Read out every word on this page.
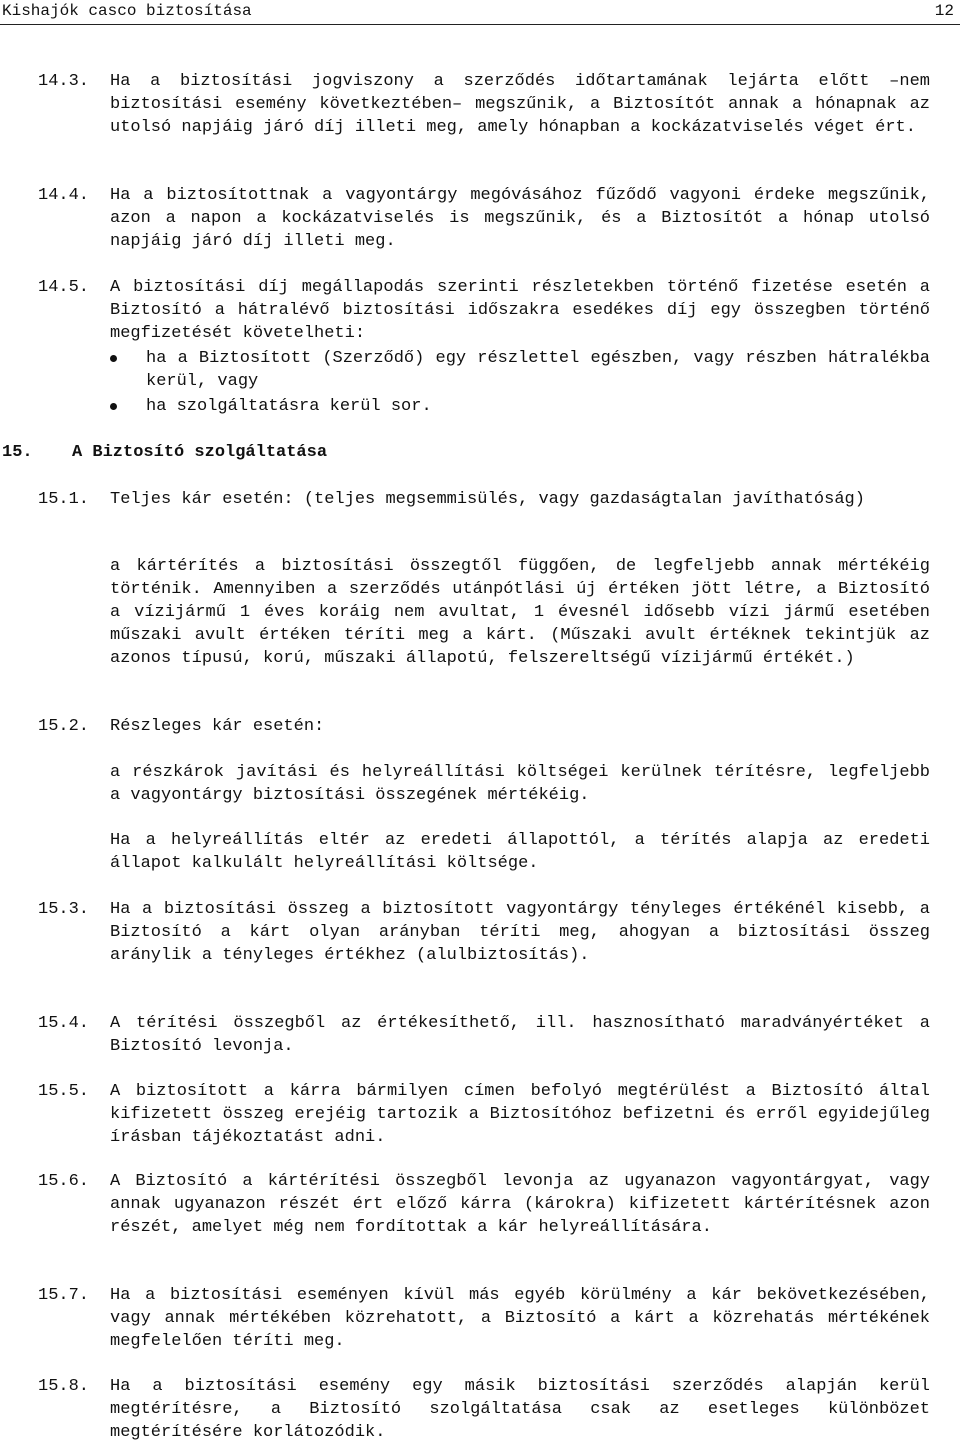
Kishajók casco biztosítása	12
14.3. Ha a biztosítási jogviszony a szerződés időtartamának lejárta előtt –nem biztosítási esemény következtében– megszűnik, a Biztosítót annak a hónapnak az utolsó napjáig járó díj illeti meg, amely hónapban a kockázatviselés véget ért.
14.4. Ha a biztosítottnak a vagyontárgy megóvásához fűződő vagyoni érdeke megszűnik, azon a napon a kockázatviselés is megszűnik, és a Biztosítót a hónap utolsó napjáig járó díj illeti meg.
14.5. A biztosítási díj megállapodás szerinti részletekben történő fizetése esetén a Biztosító a hátralévő biztosítási időszakra esedékes díj egy összegben történő megfizetését követelheti:
ha a Biztosított (Szerződő) egy részlettel egészben, vagy részben hátralékba kerül, vagy
ha szolgáltatásra kerül sor.
15. A Biztosító szolgáltatása
15.1. Teljes kár esetén: (teljes megsemmisülés, vagy gazdaságtalan javíthatóság)
a kártérítés a biztosítási összegtől függően, de legfeljebb annak mértékéig történik. Amennyiben a szerződés utánpótlási új értéken jött létre, a Biztosító a vízijármű 1 éves koráig nem avultat, 1 évesnél idősebb vízi jármű esetében műszaki avult értéken téríti meg a kárt. (Műszaki avult értéknek tekintjük az azonos típusú, korú, műszaki állapotú, felszereltségű vízijármű értékét.)
15.2. Részleges kár esetén:
a részkárok javítási és helyreállítási költségei kerülnek térítésre, legfeljebb a vagyontárgy biztosítási összegének mértékéig.
Ha a helyreállítás eltér az eredeti állapottól, a térítés alapja az eredeti állapot kalkulált helyreállítási költsége.
15.3. Ha a biztosítási összeg a biztosított vagyontárgy tényleges értékénél kisebb, a Biztosító a kárt olyan arányban téríti meg, ahogyan a biztosítási összeg aránylik a tényleges értékhez (alulbiztosítás).
15.4. A térítési összegből az értékesíthető, ill. hasznosítható maradványértéket a Biztosító levonja.
15.5. A biztosított a kárra bármilyen címen befolyó megtérülést a Biztosító által kifizetett összeg erejéig tartozik a Biztosítóhoz befizetni és erről egyidejűleg írásban tájékoztatást adni.
15.6. A Biztosító a kártérítési összegből levonja az ugyanazon vagyontárgyat, vagy annak ugyanazon részét ért előző kárra (károkra) kifizetett kártérítésnek azon részét, amelyet még nem fordítottak a kár helyreállítására.
15.7. Ha a biztosítási eseményen kívül más egyéb körülmény a kár bekövetkezésében, vagy annak mértékében közrehatott, a Biztosító a kárt a közrehatás mértékének megfelelően téríti meg.
15.8. Ha a biztosítási esemény egy másik biztosítási szerződés alapján kerül megtérítésre, a Biztosító szolgáltatása csak az esetleges különbözet megtérítésére korlátozódik.
